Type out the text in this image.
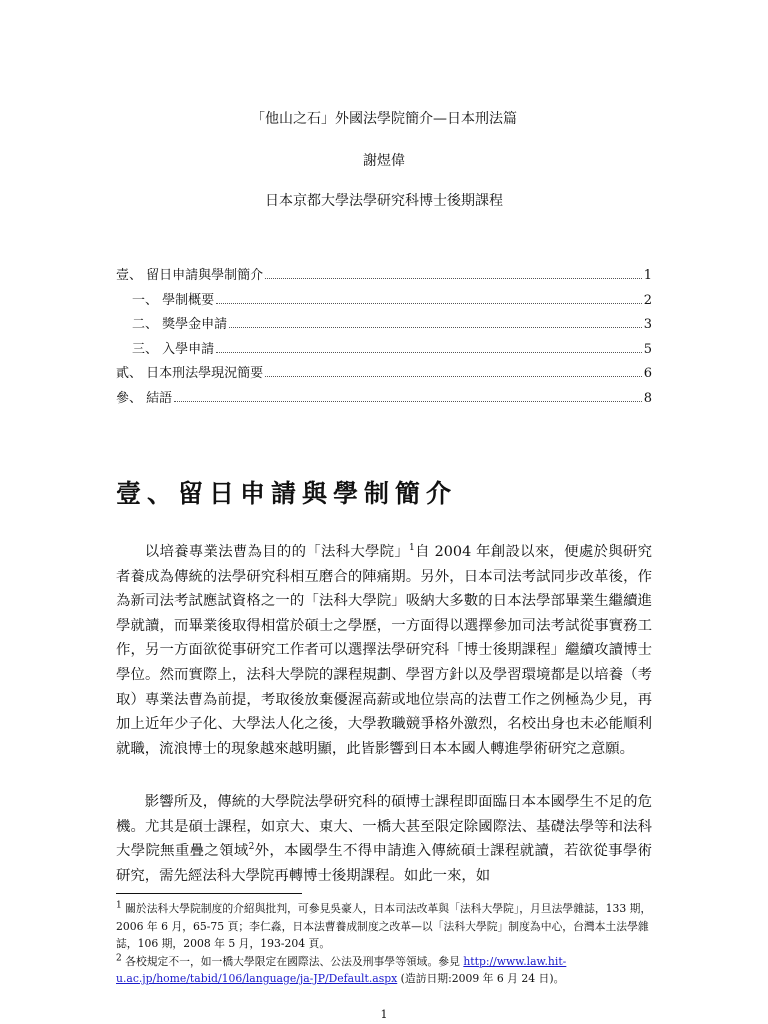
「他山之石」外國法學院簡介—日本刑法篇
謝煜偉
日本京都大學法學研究科博士後期課程
壹、 留日申請與學制簡介	1
一、 學制概要	2
二、 獎學金申請	3
三、 入學申請	5
貳、 日本刑法學現況簡要	6
參、 結語	8
壹、留日申請與學制簡介

以培養專業法曹為目的的「法科大學院」$^1$自 2004 年創設以來，便處於與研究者養成為傳統的法學研究科相互磨合的陣痛期。另外，日本司法考試同步改革後，作為新司法考試應試資格之一的「法科大學院」吸納大多數的日本法學部畢業生繼續進學就讀，而畢業後取得相當於碩士之學歷，一方面得以選擇參加司法考試從事實務工作，另一方面欲從事研究工作者可以選擇法學研究科「博士後期課程」繼續攻讀博士學位。然而實際上，法科大學院的課程規劃、學習方針以及學習環境都是以培養（考取）專業法曹為前提，考取後放棄優渥高薪或地位崇高的法曹工作之例極為少見，再加上近年少子化、大學法人化之後，大學教職競爭格外激烈，名校出身也未必能順利就職，流浪博士的現象越來越明顯，此皆影響到日本本國人轉進學術研究之意願。

影響所及，傳統的大學院法學研究科的碩博士課程即面臨日本本國學生不足的危機。尤其是碩士課程，如京大、東大、一橋大甚至限定除國際法、基礎法學等和法科大學院無重疊之領域$^2$外，本國學生不得申請進入傳統碩士課程就讀，若欲從事學術研究，需先經法科大學院再轉博士後期課程。如此一來，如

$^1$ 關於法科大學院制度的介紹與批判，可參見吳豪人，日本司法改革與「法科大學院」，月旦法學雜誌，133 期，2006 年 6 月，65-75 頁；李仁淼，日本法曹養成制度之改革—以「法科大學院」制度為中心，台灣本土法學雜誌，106 期，2008 年 5 月，193-204 頁。

$^2$ 各校規定不一，如一橋大學限定在國際法、公法及刑事學等領域。參見 http://www.law.hit-u.ac.jp/home/tabid/106/language/ja-JP/Default.aspx (造訪日期:2009 年 6 月 24 日)。

1
